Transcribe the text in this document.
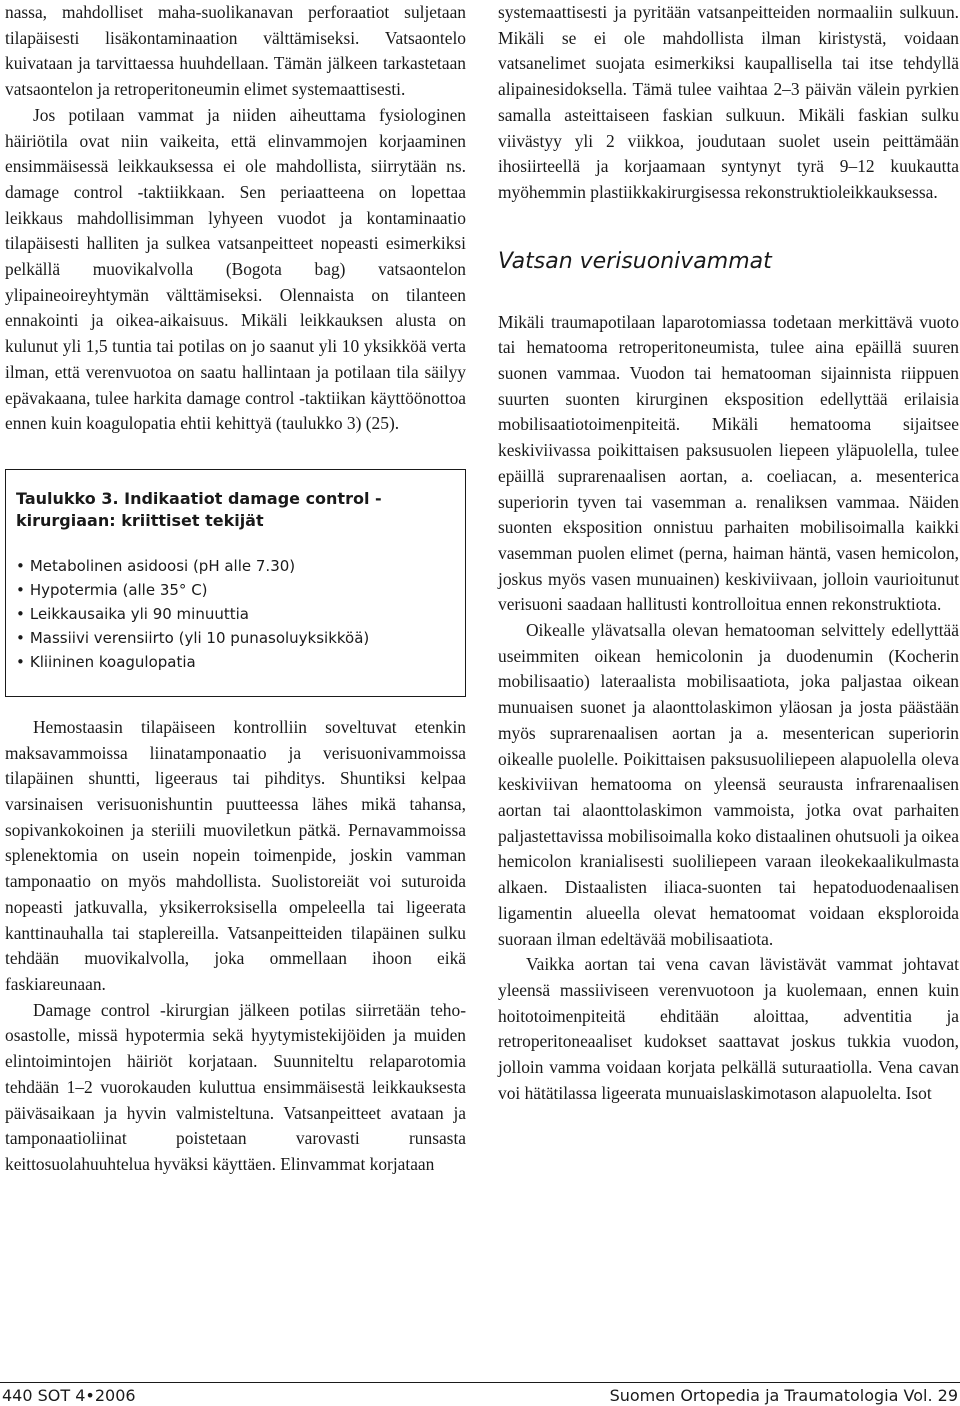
nassa, mahdolliset maha-suolikanavan perforaatiot suljetaan tilapäisesti lisäkontaminaation välttämiseksi. Vatsaontelo kuivataan ja tarvittaessa huuhdellaan. Tämän jälkeen tarkastetaan vatsaontelon ja retroperitoneumin elimet systemaattisesti.

Jos potilaan vammat ja niiden aiheuttama fysiologinen häiriötila ovat niin vaikeita, että elinvammojen korjaaminen ensimmäisessä leikkauksessa ei ole mahdollista, siirrytään ns. damage control -taktiikkaan. Sen periaatteena on lopettaa leikkaus mahdollisimman lyhyeen vuodot ja kontaminaatio tilapäisesti halliten ja sulkea vatsanpeitteet nopeasti esimerkiksi pelkällä muovikalvolla (Bogota bag) vatsaontelon ylipaineoireyhtymän välttämiseksi. Olennaista on tilanteen ennakointi ja oikea-aikaisuus. Mikäli leikkauksen alusta on kulunut yli 1,5 tuntia tai potilas on jo saanut yli 10 yksikköä verta ilman, että verenvuotoa on saatu hallintaan ja potilaan tila säilyy epävakaana, tulee harkita damage control -taktiikan käyttöönottoa ennen kuin koagulopatia ehtii kehittyä (taulukko 3) (25).

Taulukko 3. Indikaatiot damage control -kirurgiaan: kriittiset tekijät
• Metabolinen asidoosi (pH alle 7.30)
• Hypotermia (alle 35° C)
• Leikkausaika yli 90 minuuttia
• Massiivi verensiirto (yli 10 punasoluyksikköä)
• Kliininen koagulopatia

Hemostaasin tilapäiseen kontrolliin soveltuvat etenkin maksavammoissa liinatamponaatio ja verisuonivammoissa tilapäinen shuntti, ligeeraus tai pihditys. Shuntiksi kelpaa varsinaisen verisuonishuntin puutteessa lähes mikä tahansa, sopivankokoinen ja steriili muoviletkun pätkä. Pernavammoissa splenektomia on usein nopein toimenpide, joskin vamman tamponaatio on myös mahdollista. Suolistoreiät voi suturoida nopeasti jatkuvalla, yksikerroksisella ompeleella tai ligeerata kanttinauhalla tai staplereilla. Vatsanpeitteiden tilapäinen sulku tehdään muovikalvolla, joka ommellaan ihoon eikä faskiareunaan.

Damage control -kirurgian jälkeen potilas siirretään teho-osastolle, missä hypotermia sekä hyytymistekijöiden ja muiden elintoimintojen häiriöt korjataan. Suunniteltu relaparotomia tehdään 1–2 vuorokauden kuluttua ensimmäisestä leikkauksesta päiväsaikaan ja hyvin valmisteltuna. Vatsanpeitteet avataan ja tamponaatioliinat poistetaan varovasti runsasta keittosuolahuuhtelua hyväksi käyttäen. Elinvammat korjataan

systemaattisesti ja pyritään vatsanpeitteiden normaaliin sulkuun. Mikäli se ei ole mahdollista ilman kiristystä, voidaan vatsanelimet suojata esimerkiksi kaupallisella tai itse tehdyllä alipainesidoksella. Tämä tulee vaihtaa 2–3 päivän välein pyrkien samalla asteittaiseen faskian sulkuun. Mikäli faskian sulku viivästyy yli 2 viikkoa, joudutaan suolet usein peittämään ihosiirteellä ja korjaamaan syntynyt tyrä 9–12 kuukautta myöhemmin plastiikkakirurgisessa rekonstruktioleikkauksessa.

Vatsan verisuonivammat

Mikäli traumapotilaan laparotomiassa todetaan merkittävä vuoto tai hematooma retroperitoneumista, tulee aina epäillä suuren suonen vammaa. Vuodon tai hematooman sijainnista riippuen suurten suonten kirurginen eksposition edellyttää erilaisia mobilisaatiotoimenpiteitä. Mikäli hematooma sijaitsee keskiviivassa poikittaisen paksusuolen liepeen yläpuolella, tulee epäillä suprarenaalisen aortan, a. coeliacan, a. mesenterica superiorin tyven tai vasemman a. renaliksen vammaa. Näiden suonten eksposition onnistuu parhaiten mobilisoimalla kaikki vasemman puolen elimet (perna, haiman häntä, vasen hemicolon, joskus myös vasen munuainen) keskiviivaan, jolloin vaurioitunut verisuoni saadaan hallitusti kontrolloitua ennen rekonstruktiota.

Oikealle ylävatsalla olevan hematooman selvittely edellyttää useimmiten oikean hemicolonin ja duodenumin (Kocherin mobilisaatio) lateraalista mobilisaatiota, joka paljastaa oikean munuaisen suonet ja alaonttolaskimon yläosan ja josta päästään myös suprarenaalisen aortan ja a. mesenterican superiorin oikealle puolelle. Poikittaisen paksusuoliliepeen alapuolella oleva keskiviivan hematooma on yleensä seurausta infrarenaalisen aortan tai alaonttolaskimon vammoista, jotka ovat parhaiten paljastettavissa mobilisoimalla koko distaalinen ohutsuoli ja oikea hemicolon kranialisesti suoliliepeen varaan ileokekaalikulmasta alkaen. Distaalisten iliaca-suonten tai hepatoduodenaalisen ligamentin alueella olevat hematoomat voidaan eksploroida suoraan ilman edeltävää mobilisaatiota.

Vaikka aortan tai vena cavan lävistävät vammat johtavat yleensä massiiviseen verenvuotoon ja kuolemaan, ennen kuin hoitotoimenpiteitä ehditään aloittaa, adventitia ja retroperitoneaaliset kudokset saattavat joskus tukkia vuodon, jolloin vamma voidaan korjata pelkällä suturaatiolla. Vena cavan voi hätätilassa ligeerata munuaislaskimotason alapuolelta. Isot

440 SOT 4•2006	Suomen Ortopedia ja Traumatologia Vol. 29
